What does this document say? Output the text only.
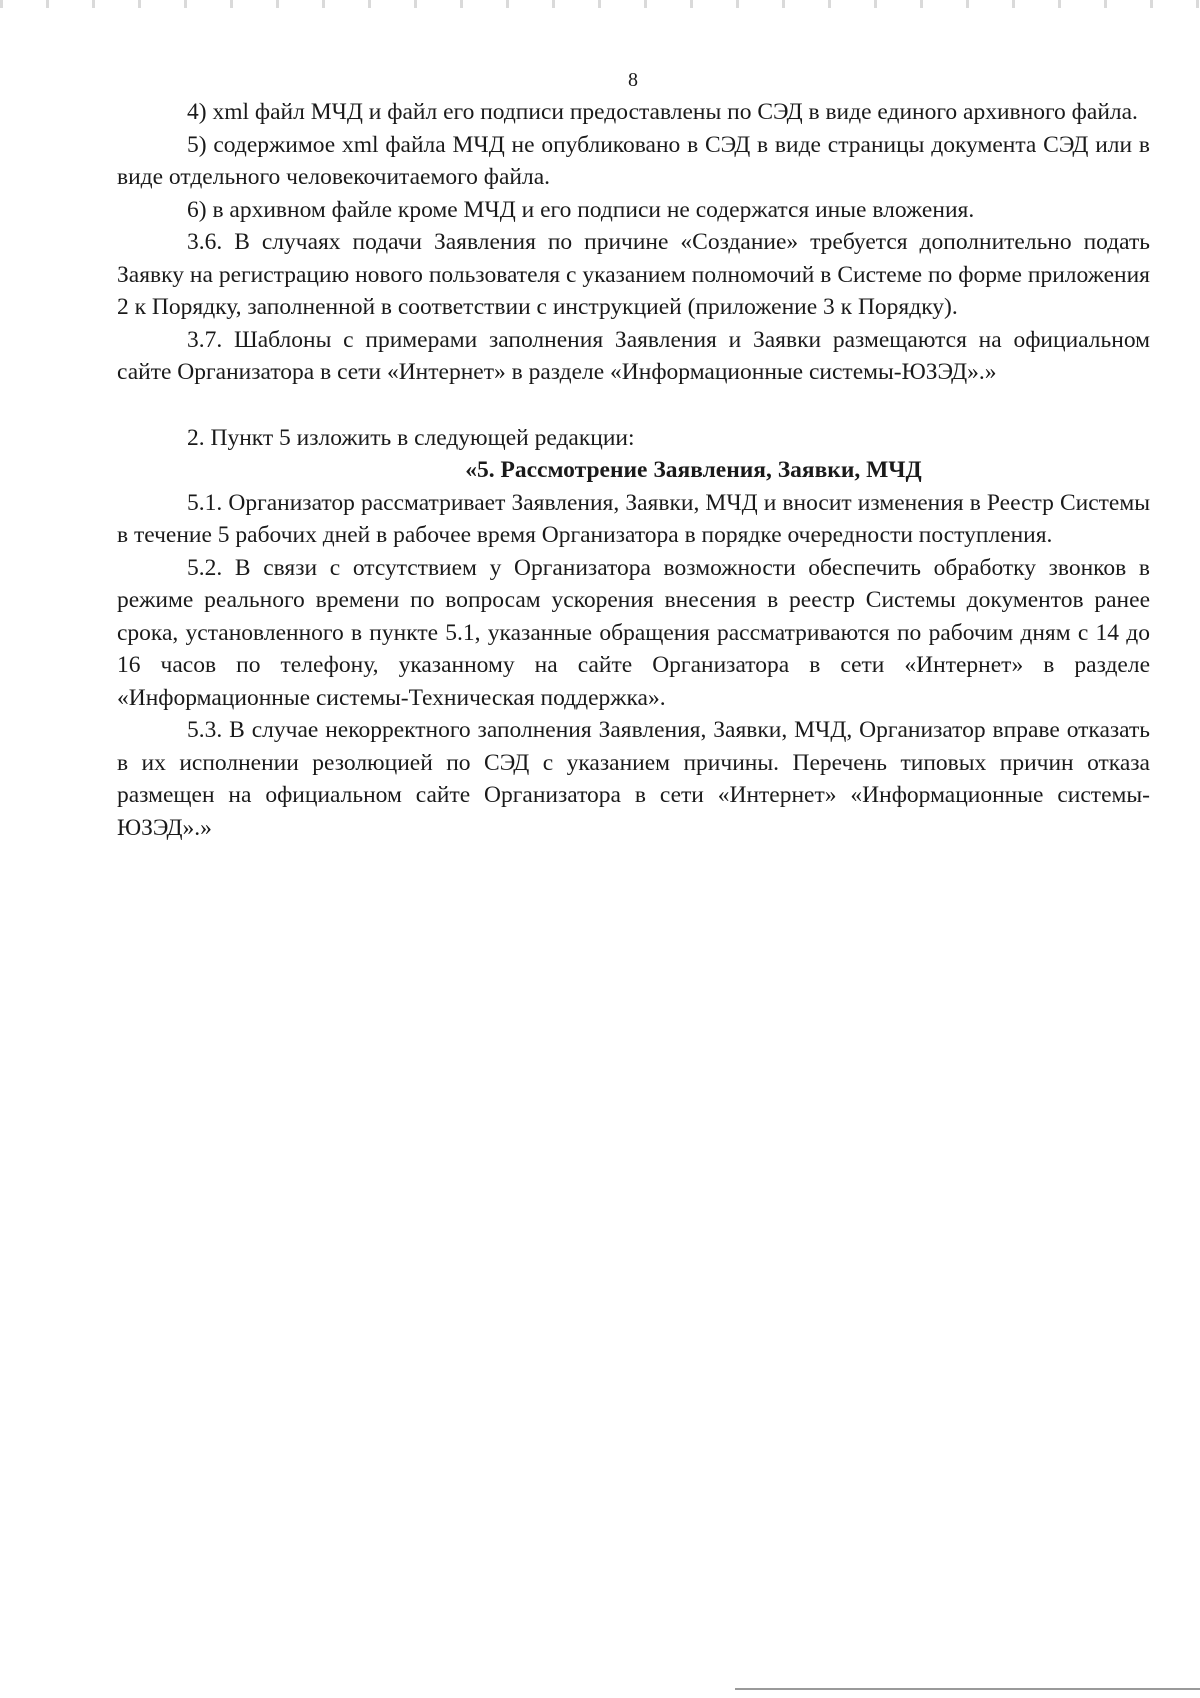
8

4) xml файл МЧД и файл его подписи предоставлены по СЭД в виде единого архивного файла.

5) содержимое xml файла МЧД не опубликовано в СЭД в виде страницы документа СЭД или в виде отдельного человекочитаемого файла.

6) в архивном файле кроме МЧД и его подписи не содержатся иные вложения.

3.6. В случаях подачи Заявления по причине «Создание» требуется дополнительно подать Заявку на регистрацию нового пользователя с указанием полномочий в Системе по форме приложения 2 к Порядку, заполненной в соответствии с инструкцией (приложение 3 к Порядку).

3.7. Шаблоны с примерами заполнения Заявления и Заявки размещаются на официальном сайте Организатора в сети «Интернет» в разделе «Информационные системы-ЮЗЭД».»

2. Пункт 5 изложить в следующей редакции:

«5. Рассмотрение Заявления, Заявки, МЧД

5.1. Организатор рассматривает Заявления, Заявки, МЧД и вносит изменения в Реестр Системы в течение 5 рабочих дней в рабочее время Организатора в порядке очередности поступления.

5.2. В связи с отсутствием у Организатора возможности обеспечить обработку звонков в режиме реального времени по вопросам ускорения внесения в реестр Системы документов ранее срока, установленного в пункте 5.1, указанные обращения рассматриваются по рабочим дням с 14 до 16 часов по телефону, указанному на сайте Организатора в сети «Интернет» в разделе «Информационные системы-Техническая поддержка».

5.3. В случае некорректного заполнения Заявления, Заявки, МЧД, Организатор вправе отказать в их исполнении резолюцией по СЭД с указанием причины. Перечень типовых причин отказа размещен на официальном сайте Организатора в сети «Интернет» «Информационные системы-ЮЗЭД».»
